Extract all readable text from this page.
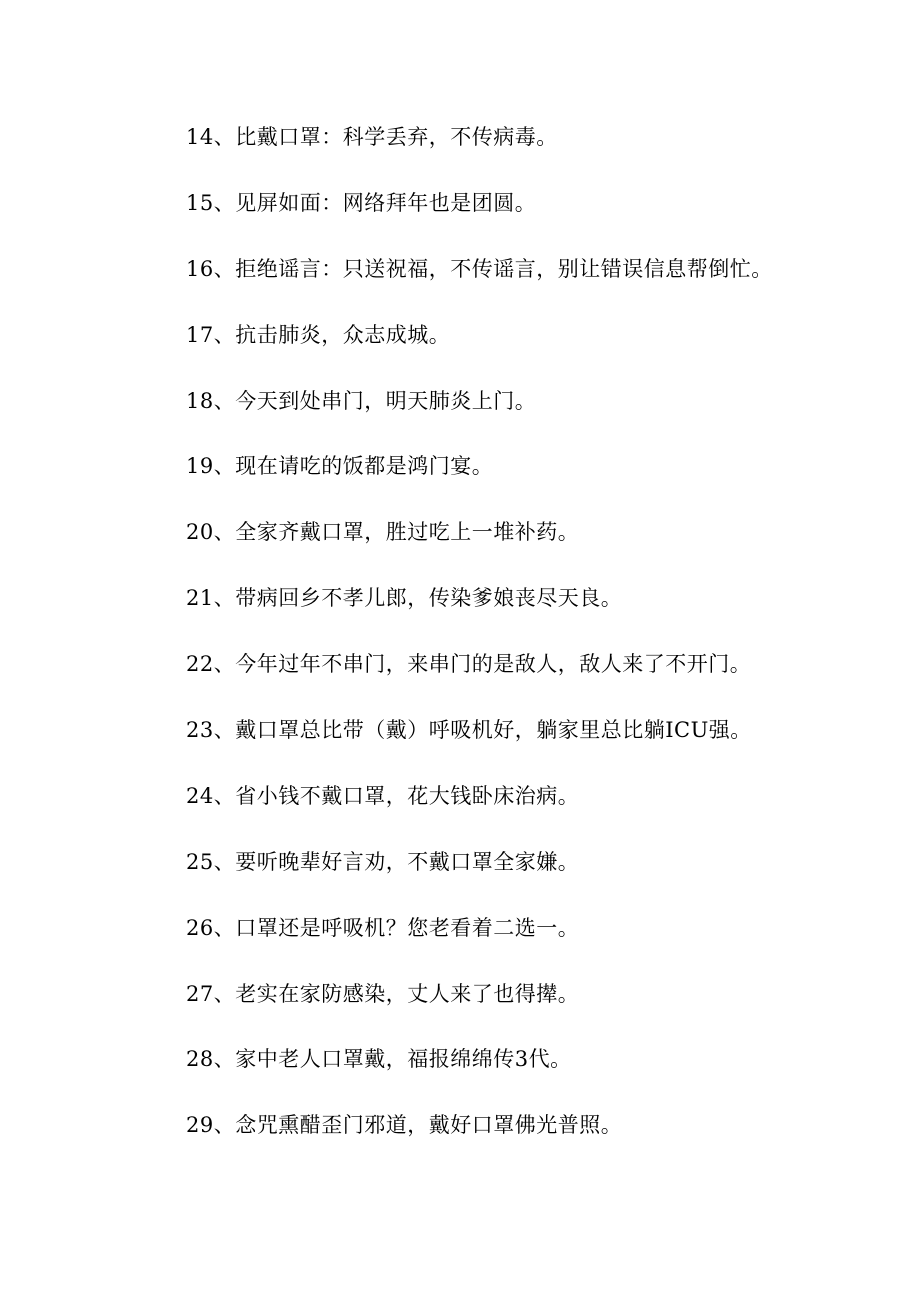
14、比戴口罩：科学丢弃，不传病毒。
15、见屏如面：网络拜年也是团圆。
16、拒绝谣言：只送祝福，不传谣言，别让错误信息帮倒忙。
17、抗击肺炎，众志成城。
18、今天到处串门，明天肺炎上门。
19、现在请吃的饭都是鸿门宴。
20、全家齐戴口罩，胜过吃上一堆补药。
21、带病回乡不孝儿郎，传染爹娘丧尽天良。
22、今年过年不串门，来串门的是敌人，敌人来了不开门。
23、戴口罩总比带（戴）呼吸机好，躺家里总比躺ICU强。
24、省小钱不戴口罩，花大钱卧床治病。
25、要听晚辈好言劝，不戴口罩全家嫌。
26、口罩还是呼吸机？您老看着二选一。
27、老实在家防感染，丈人来了也得撵。
28、家中老人口罩戴，福报绵绵传3代。
29、念咒熏醋歪门邪道，戴好口罩佛光普照。
